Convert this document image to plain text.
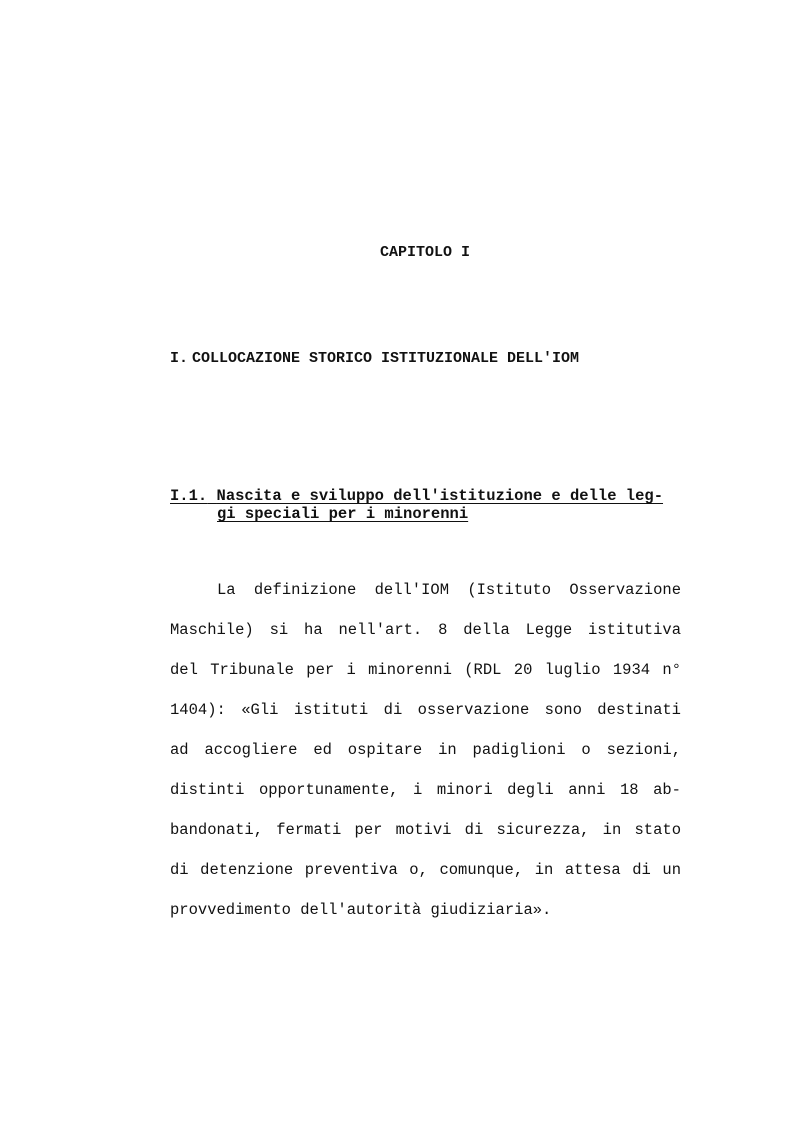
CAPITOLO I
I. COLLOCAZIONE STORICO ISTITUZIONALE DELL'IOM
I.1. Nascita e sviluppo dell'istituzione e delle leg-
gi speciali per i minorenni
La definizione dell'IOM (Istituto Osservazione
Maschile) si ha nell'art. 8 della Legge istitutiva
del Tribunale per i minorenni (RDL 20 luglio 1934 n°
1404): «Gli istituti di osservazione sono destinati
ad accogliere ed ospitare in padiglioni o sezioni,
distinti opportunamente, i minori degli anni 18 ab-
bandonati, fermati per motivi di sicurezza, in stato
di detenzione preventiva o, comunque, in attesa di un
provvedimento dell'autorità giudiziaria».
